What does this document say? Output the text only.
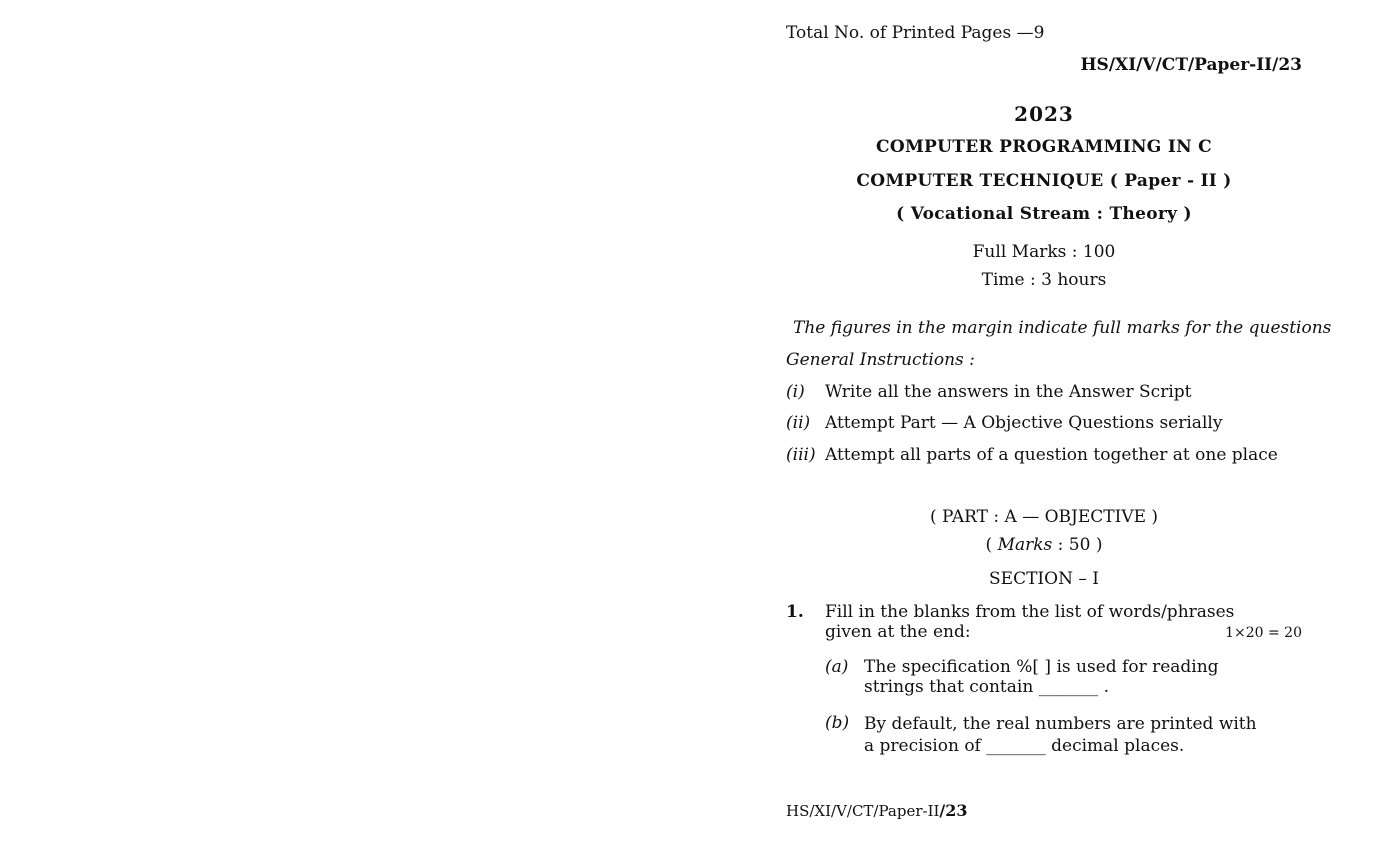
Total No. of Printed Pages —9
HS/XI/V/CT/Paper-II/23
2023
COMPUTER PROGRAMMING IN C
COMPUTER TECHNIQUE ( Paper - II )
( Vocational Stream : Theory )
Full Marks : 100
Time : 3 hours
The figures in the margin indicate full marks for the questions
General Instructions :
(i) Write all the answers in the Answer Script
(ii) Attempt Part — A Objective Questions serially
(iii) Attempt all parts of a question together at one place
( PART : A — OBJECTIVE )
( Marks : 50 )
SECTION – I
1. Fill in the blanks from the list of words/phrases given at the end:	1×20 = 20
(a) The specification %[ ] is used for reading strings that contain _______ .
(b) By default, the real numbers are printed with a precision of _______ decimal places.
HS/XI/V/CT/Paper-II/23
